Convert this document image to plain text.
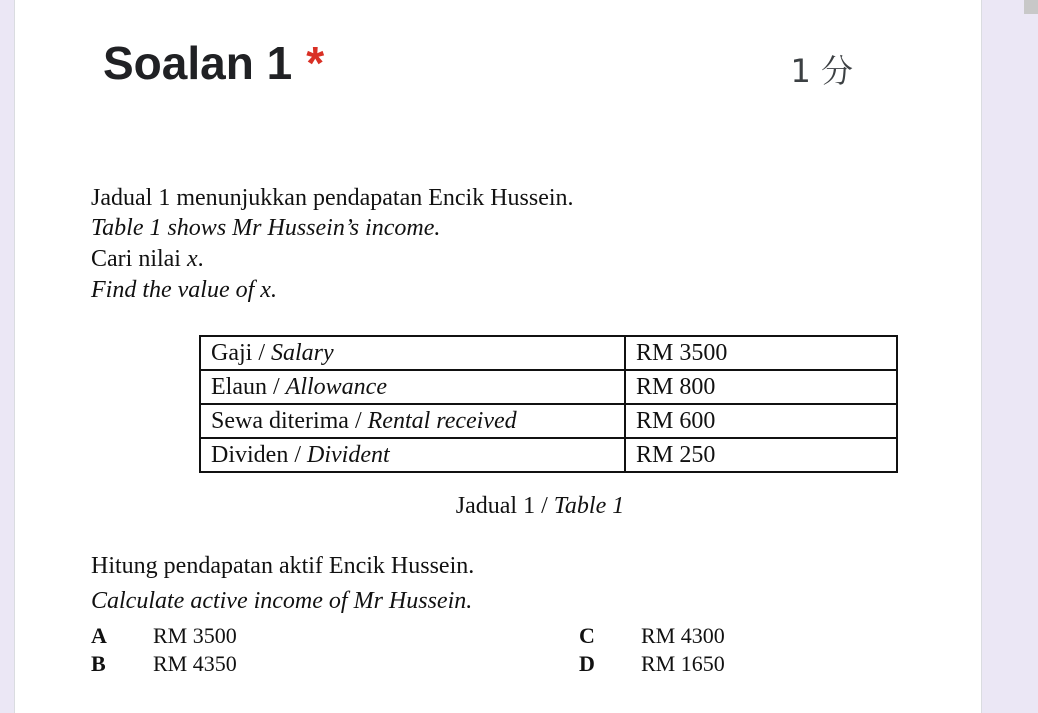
Soalan 1 *	1 分
Jadual 1 menunjukkan pendapatan Encik Hussein.
Table 1 shows Mr Hussein’s income.
Cari nilai x.
Find the value of x.
Gaji / Salary	RM 3500
Elaun / Allowance	RM 800
Sewa diterima / Rental received	RM 600
Dividen / Divident	RM 250
Jadual 1 / Table 1
Hitung pendapatan aktif Encik Hussein.
Calculate active income of Mr Hussein.
A RM 3500
B RM 4350
C RM 4300
D RM 1650
